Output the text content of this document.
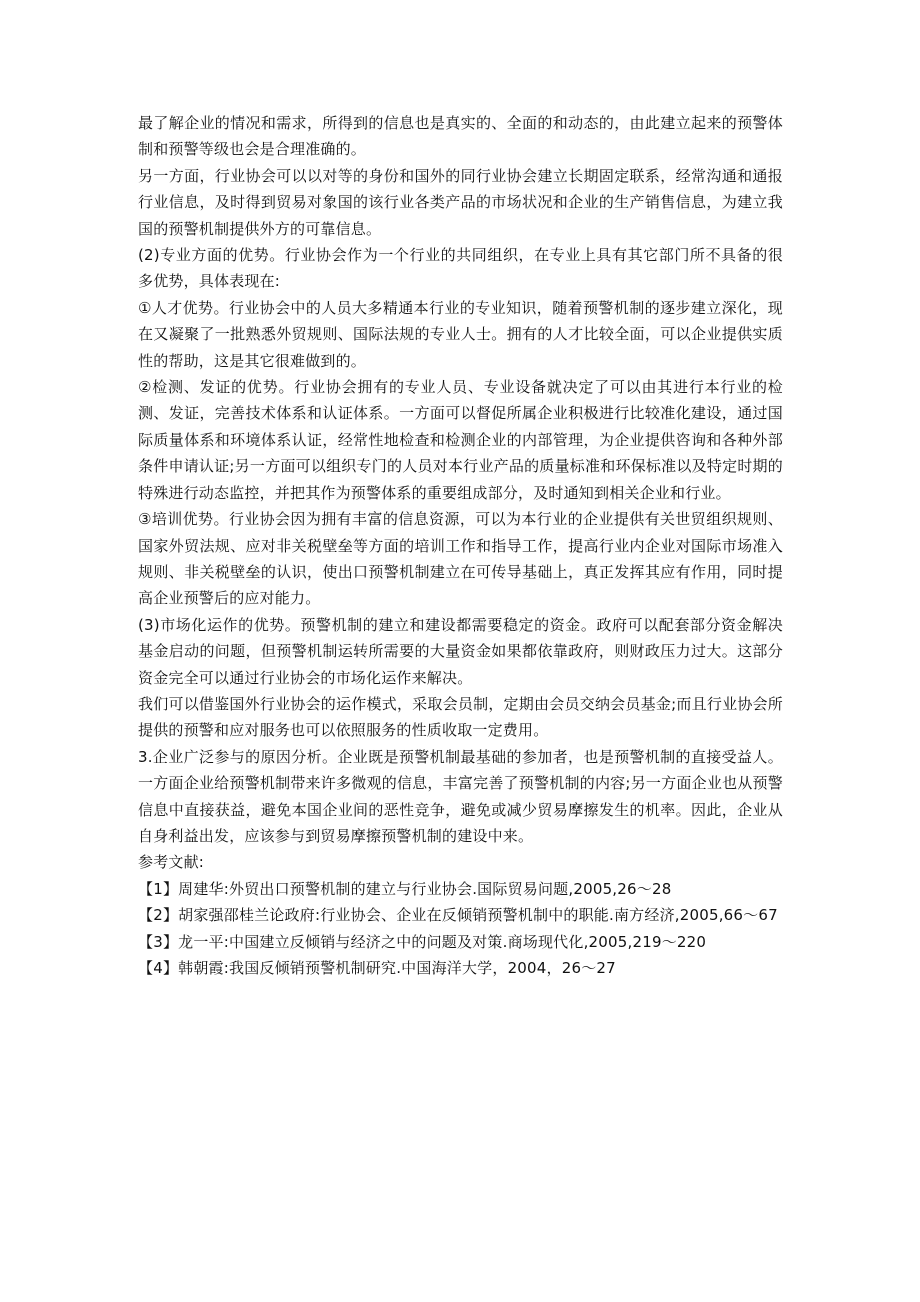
最了解企业的情况和需求，所得到的信息也是真实的、全面的和动态的，由此建立起来的预警体制和预警等级也会是合理准确的。

另一方面，行业协会可以以对等的身份和国外的同行业协会建立长期固定联系，经常沟通和通报行业信息，及时得到贸易对象国的该行业各类产品的市场状况和企业的生产销售信息，为建立我国的预警机制提供外方的可靠信息。

(2)专业方面的优势。行业协会作为一个行业的共同组织，在专业上具有其它部门所不具备的很多优势，具体表现在:

①人才优势。行业协会中的人员大多精通本行业的专业知识，随着预警机制的逐步建立深化，现在又凝聚了一批熟悉外贸规则、国际法规的专业人士。拥有的人才比较全面，可以企业提供实质性的帮助，这是其它很难做到的。

②检测、发证的优势。行业协会拥有的专业人员、专业设备就决定了可以由其进行本行业的检测、发证，完善技术体系和认证体系。一方面可以督促所属企业积极进行比较准化建设，通过国际质量体系和环境体系认证，经常性地检查和检测企业的内部管理，为企业提供咨询和各种外部条件申请认证;另一方面可以组织专门的人员对本行业产品的质量标准和环保标准以及特定时期的特殊进行动态监控，并把其作为预警体系的重要组成部分，及时通知到相关企业和行业。

③培训优势。行业协会因为拥有丰富的信息资源，可以为本行业的企业提供有关世贸组织规则、国家外贸法规、应对非关税壁垒等方面的培训工作和指导工作，提高行业内企业对国际市场准入规则、非关税壁垒的认识，使出口预警机制建立在可传导基础上，真正发挥其应有作用，同时提高企业预警后的应对能力。

(3)市场化运作的优势。预警机制的建立和建设都需要稳定的资金。政府可以配套部分资金解决基金启动的问题，但预警机制运转所需要的大量资金如果都依靠政府，则财政压力过大。这部分资金完全可以通过行业协会的市场化运作来解决。

我们可以借鉴国外行业协会的运作模式，采取会员制，定期由会员交纳会员基金;而且行业协会所提供的预警和应对服务也可以依照服务的性质收取一定费用。

3.企业广泛参与的原因分析。企业既是预警机制最基础的参加者，也是预警机制的直接受益人。一方面企业给预警机制带来许多微观的信息，丰富完善了预警机制的内容;另一方面企业也从预警信息中直接获益，避免本国企业间的恶性竞争，避免或减少贸易摩擦发生的机率。因此，企业从自身利益出发，应该参与到贸易摩擦预警机制的建设中来。

参考文献:

【1】周建华:外贸出口预警机制的建立与行业协会.国际贸易问题,2005,26～28

【2】胡家强邵桂兰论政府:行业协会、企业在反倾销预警机制中的职能.南方经济,2005,66～67

【3】龙一平:中国建立反倾销与经济之中的问题及对策.商场现代化,2005,219～220

【4】韩朝霞:我国反倾销预警机制研究.中国海洋大学，2004，26～27
